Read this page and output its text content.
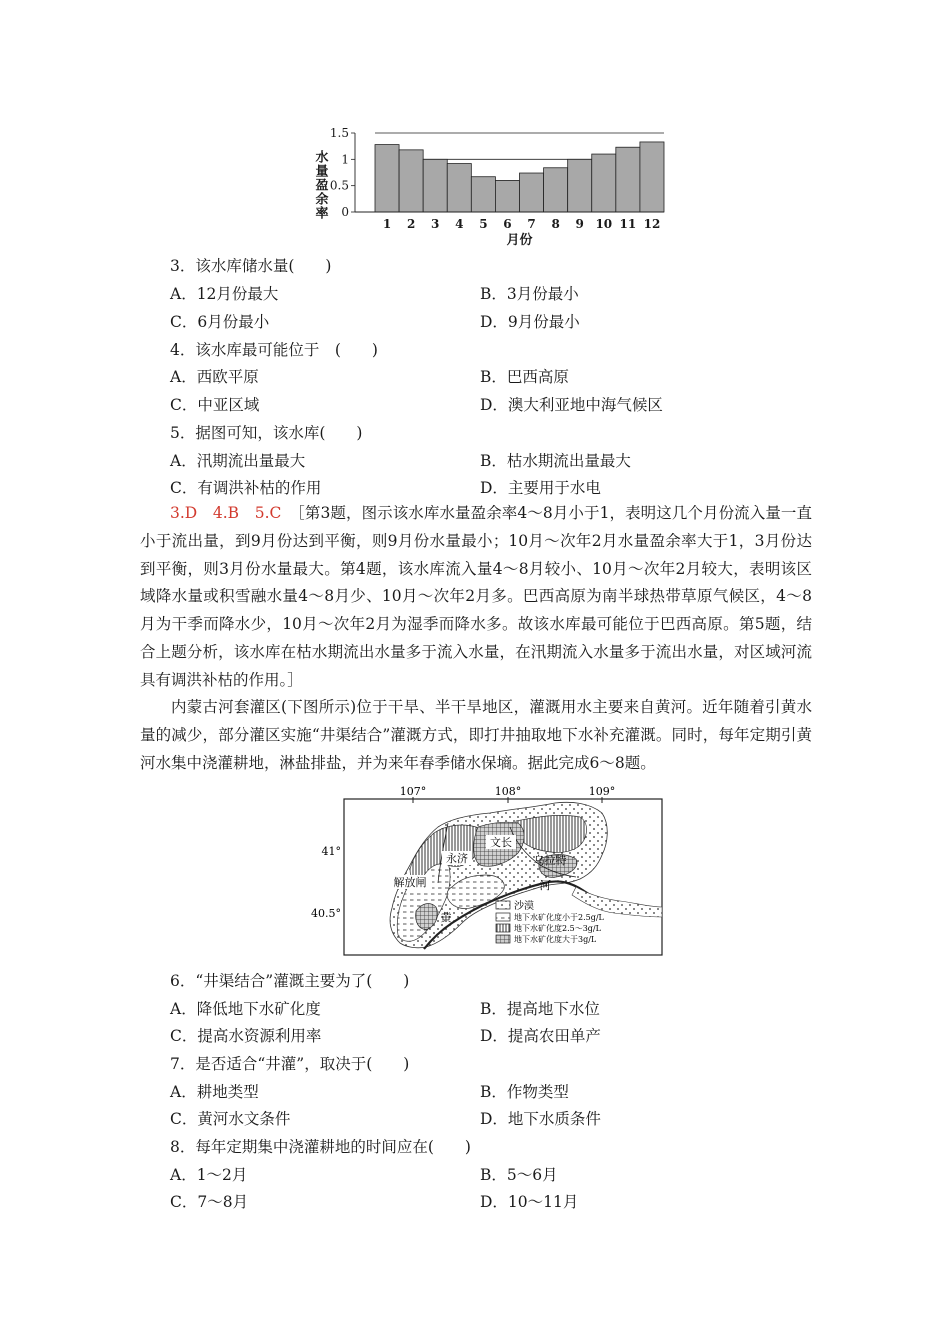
0
0.5
1
1.5
1 2 3 4 5 6 7 8 9 10 11 12
水量盈余率
月份
3．该水库储水量(　　)
A．12月份最大	B．3月份最小
C．6月份最小	D．9月份最小
4．该水库最可能位于　(　　)
A．西欧平原	B．巴西高原
C．中亚区域	D．澳大利亚地中海气候区
5．据图可知，该水库(　　)
A．汛期流出量最大	B．枯水期流出量最大
C．有调洪补枯的作用	D．主要用于水电
3.D　4.B　5.C　 ［第3题，图示该水库水量盈余率4～8月小于1，表明这几个月份流入量一直小于流出量，到9月份达到平衡，则9月份水量最小；10月～次年2月水量盈余率大于1，3月份达到平衡，则3月份水量最大。第4题，该水库流入量4～8月较小、10月～次年2月较大，表明该区域降水量或积雪融水量4～8月少、10月～次年2月多。巴西高原为南半球热带草原气候区，4～8月为干季而降水少，10月～次年2月为湿季而降水多。故该水库最可能位于巴西高原。第5题，结合上题分析，该水库在枯水期流出水量多于流入水量，在汛期流入水量多于流出水量，对区域河流具有调洪补枯的作用。］
内蒙古河套灌区(下图所示)位于干旱、半干旱地区，灌溉用水主要来自黄河。近年随着引黄水量的减少，部分灌区实施“井渠结合”灌溉方式，即打井抽取地下水补充灌溉。同时，每年定期引黄河水集中浇灌耕地，淋盐排盐，并为来年春季储水保墒。据此完成6～8题。
107°	108°	109°
41°
40.5°
文长
永济	乌拉特
解放闸	河
黄
沙漠
地下水矿化度小于2.5g/L
地下水矿化度2.5～3g/L
地下水矿化度大于3g/L
6．“井渠结合”灌溉主要为了(　　)
A．降低地下水矿化度	B．提高地下水位
C．提高水资源利用率	D．提高农田单产
7．是否适合“井灌”，取决于(　　)
A．耕地类型	B．作物类型
C．黄河水文条件	D．地下水质条件
8．每年定期集中浇灌耕地的时间应在(　　)
A．1～2月	B．5～6月
C．7～8月	D．10～11月
